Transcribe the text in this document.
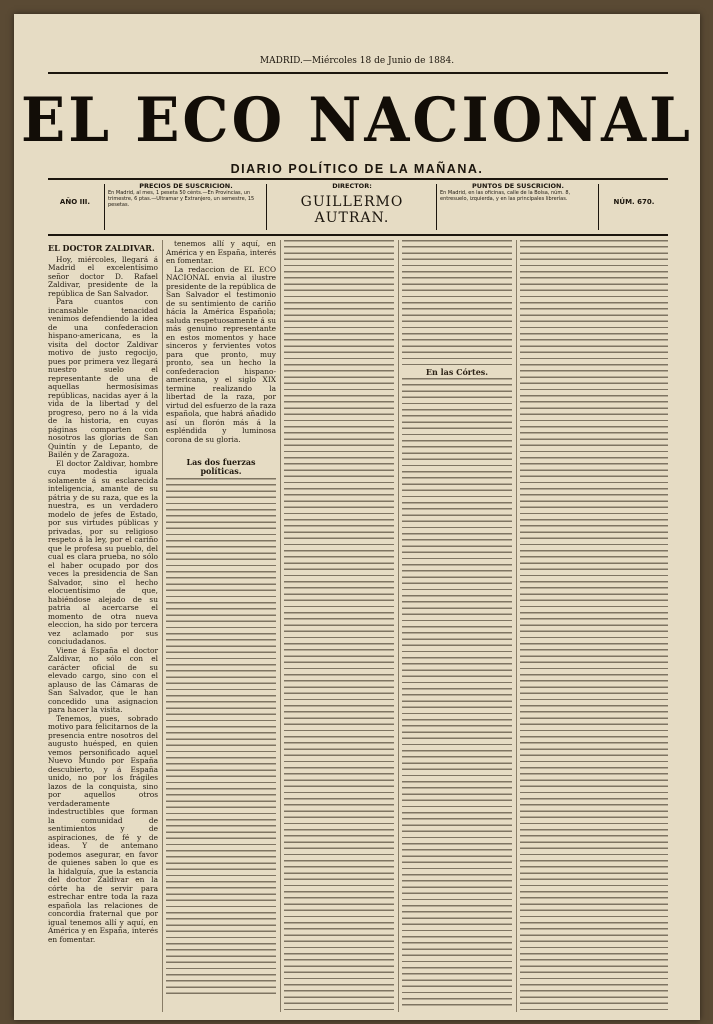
MADRID.—Miércoles 18 de Junio de 1884.
EL ECO NACIONAL
DIARIO POLÍTICO DE LA MAÑANA.
AÑO III.
PRECIOS DE SUSCRICION.
En Madrid, al mes, 1 peseta 50 cénts.—En Provincias, un trimestre, 6 ptas.—Ultramar y Extranjero, un semestre, 15 pesetas.
DIRECTOR:
GUILLERMO AUTRAN.
PUNTOS DE SUSCRICION.
En Madrid, en las oficinas, calle de la Bolsa, núm. 8, entresuelo, izquierda, y en las principales librerías.	NÚM. 670.
EL DOCTOR ZALDIVAR.

Hoy, miércoles, llegará á Madrid el excelentísimo señor doctor D. Rafael Zaldivar, presidente de la república de San Salvador.

Para cuantos con incansable tenacidad venimos defendiendo la idea de una confederacion hispano-americana, es la visita del doctor Zaldivar motivo de justo regocijo, pues por primera vez llegará nuestro suelo el representante de una de aquellas hermosísimas repúblicas, nacidas ayer á la vida de la libertad y del progreso, pero no á la vida de la historia, en cuyas páginas comparten con nosotros las glorias de San Quintín y de Lepanto, de Bailén y de Zaragoza.

El doctor Zaldivar, hombre cuya modestia iguala solamente á su esclarecida inteligencia, amante de su pátria y de su raza, que es la nuestra, es un verdadero modelo de jefes de Estado, por sus virtudes públicas y privadas, por su religioso respeto á la ley, por el cariño que le profesa su pueblo, del cual es clara prueba, no sólo el haber ocupado por dos veces la presidencia de San Salvador, sino el hecho elocuentísimo de que, habiéndose alejado de su patria al acercarse el momento de otra nueva eleccion, ha sido por tercera vez aclamado por sus conciudadanos.

Viene á España el doctor Zaldivar, no sólo con el carácter oficial de su elevado cargo, sino con el aplauso de las Cámaras de San Salvador, que le han concedido una asignacion para hacer la visita.

Tenemos, pues, sobrado motivo para felicitarnos de la presencia entre nosotros del augusto huésped, en quien vemos personificado aquel Nuevo Mundo por España descubierto, y á España unido, no por los frágiles lazos de la conquista, sino por aquellos otros verdaderamente indestructibles que forman la comunidad de sentimientos y de aspiraciones, de fé y de ideas. Y de antemano podemos asegurar, en favor de quienes saben lo que es la hidalguía, que la estancia del doctor Zaldivar en la córte ha de servir para estrechar entre toda la raza española las relaciones de concordia fraternal que por igual tenemos allí y aquí, en América y en España, interés en fomentar.

tenemos allí y aquí, en América y en España, interés en fomentar.

La redaccion de EL ECO NACIONAL envia al ilustre presidente de la república de San Salvador el testimonio de su sentimiento de cariño hácia la América Española; saluda respetuosamente á su más genuino representante en estos momentos y hace sinceros y fervientes votos para que pronto, muy pronto, sea un hecho la confederacion hispano-americana, y el siglo XIX termine realizando la libertad de la raza, por virtud del esfuerzo de la raza española, que habrá añadido así un florón más á la espléndida y luminosa corona de su gloria.

Las dos fuerzas políticas.
En las Córtes.
